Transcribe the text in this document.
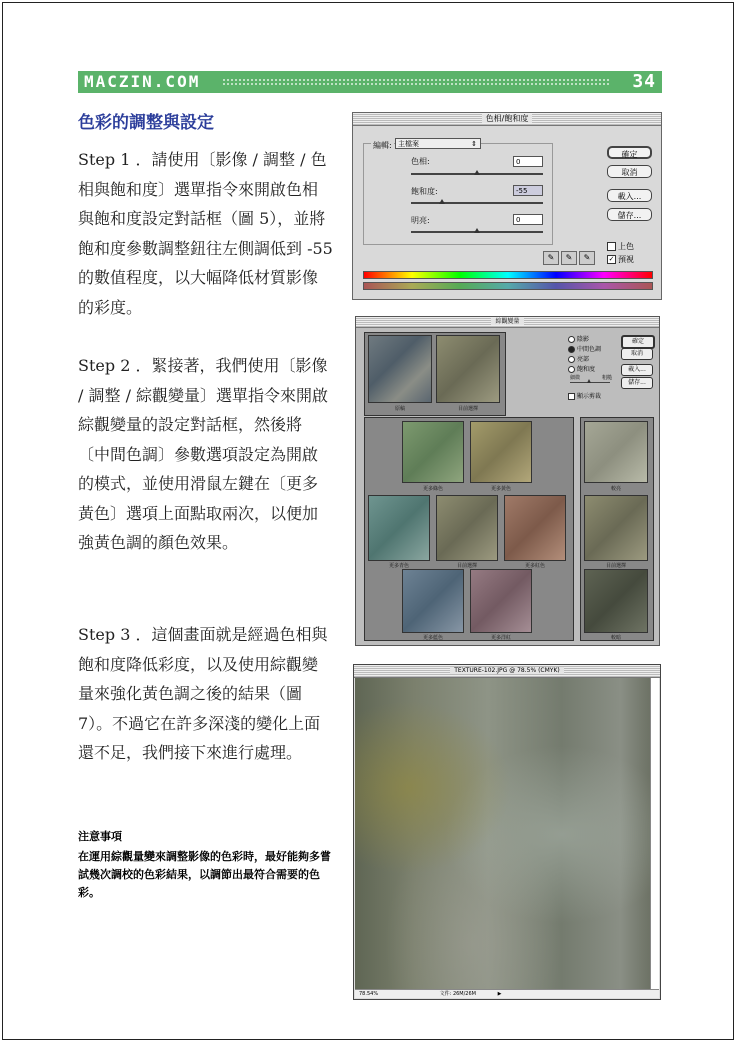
MACZIN.COM	34
色彩的調整與設定

Step 1 ．請使用〔影像 / 調整 / 色相與飽和度〕選單指令來開啟色相與飽和度設定對話框（圖 5），並將飽和度參數調整鈕往左側調低到 -55 的數值程度，以大幅降低材質影像的彩度。

Step 2 ．緊接著，我們使用〔影像 / 調整 / 綜觀變量〕選單指令來開啟綜觀變量的設定對話框，然後將〔中間色調〕參數選項設定為開啟的模式，並使用滑鼠左鍵在〔更多黃色〕選項上面點取兩次，以便加強黃色調的顏色效果。

Step 3 ．這個畫面就是經過色相與飽和度降低彩度，以及使用綜觀變量來強化黃色調之後的結果（圖 7）。不過它在許多深淺的變化上面還不足，我們接下來進行處理。

注意事項
在運用綜觀量變來調整影像的色彩時，最好能夠多嘗試幾次調校的色彩結果，以調節出最符合需要的色彩。
色相/飽和度
編輯: 主檔案	⇕
色相:	0
飽和度:	-55
明亮:	0
確定
取消
載入...
儲存...
上色
✓ 預視
✎	✎	✎
綜觀變量
原稿	目前選擇
陰影
中間色調
亮部
飽和度
細微	粗糙
顯示剪裁
確定
取消
載入...
儲存...
更多綠色	更多黃色
更多青色	目前選擇	更多紅色
更多藍色	更多洋紅
較亮
目前選擇
較暗
TEXTURE-102.JPG @ 78.5% (CMYK)
78.54%	文件: 26M/26M	▶
